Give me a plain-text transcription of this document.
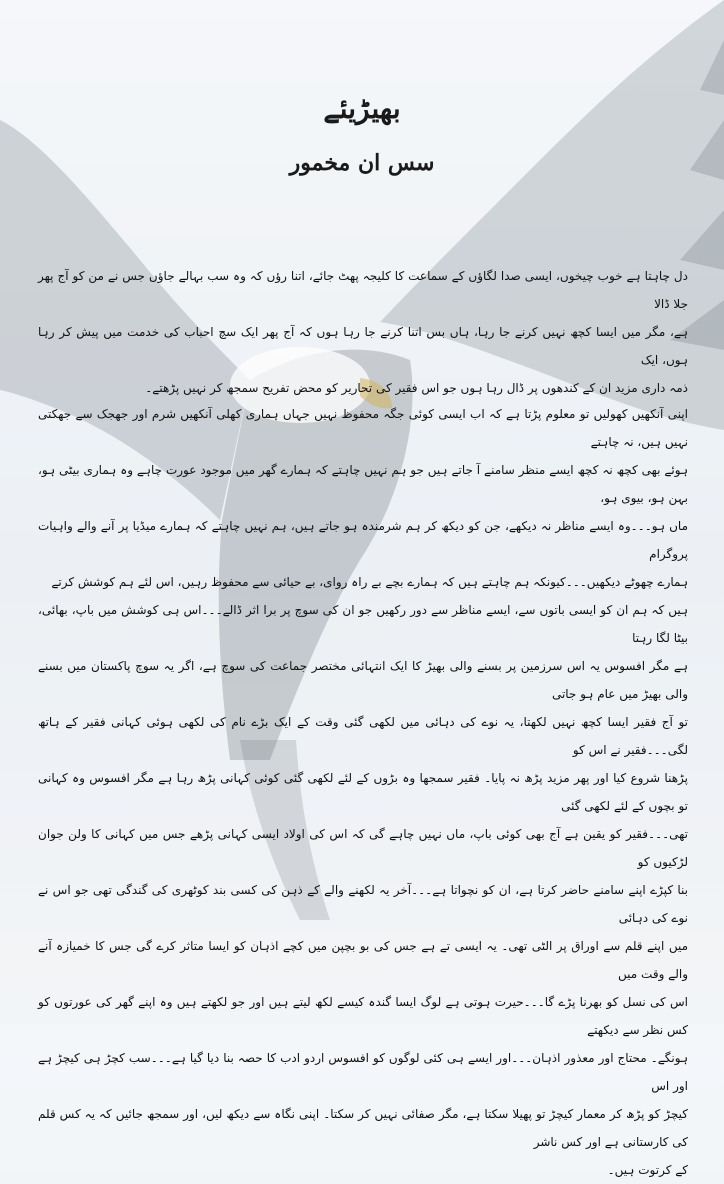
بھیڑیئے
سس ان مخمور
دل چاہتا ہے خوب چیخوں، ایسی صدا لگاؤں کے سماعت کا کلیجہ پھٹ جائے، اتنا رؤں کہ وہ سب بہالے جاؤں جس نے من کو آج پھر جلا ڈالا
ہے، مگر میں ایسا کچھ نہیں کرنے جا رہا، ہاں بس اتنا کرنے جا رہا ہوں کہ آج پھر ایک سچ احباب کی خدمت میں پیش کر رہا ہوں، ایک
ذمہ داری مزید ان کے کندھوں پر ڈال رہا ہوں جو اس فقیر کی تحاریر کو محض تفریح سمجھ کر نہیں پڑھتے۔
اپنی آنکھیں کھولیں تو معلوم پڑتا ہے کہ اب ایسی کوئی جگہ محفوظ نہیں جہاں ہماری کھلی آنکھیں شرم اور جھجک سے جھکتی نہیں ہیں، نہ چاہتے
ہوئے بھی کچھ نہ کچھ ایسے منظر سامنے آ جاتے ہیں جو ہم نہیں چاہتے کہ ہمارے گھر میں موجود عورت چاہے وہ ہماری بیٹی ہو، بہن ہو، بیوی ہو،
ماں ہو۔۔۔وہ ایسے مناظر نہ دیکھے، جن کو دیکھ کر ہم شرمندہ ہو جاتے ہیں، ہم نہیں چاہتے کہ ہمارے میڈیا پر آنے والے واہیات پروگرام
ہمارے چھوٹے دیکھیں۔۔۔کیونکہ ہم چاہتے ہیں کہ ہمارے بچے بے راہ روای، بے حیائی سے محفوظ رہیں، اس لئے ہم کوشش کرتے
ہیں کہ ہم ان کو ایسی باتوں سے، ایسے مناظر سے دور رکھیں جو ان کی سوچ پر برا اثر ڈالے۔۔۔اس ہی کوشش میں باپ، بھائی، بیٹا لگا رہتا
ہے مگر افسوس یہ اس سرزمین پر بسنے والی بھیڑ کا ایک انتہائی مختصر جماعت کی سوچ ہے، اگر یہ سوچ پاکستان میں بسنے والی بھیڑ میں عام ہو جاتی
تو آج فقیر ایسا کچھ نہیں لکھتا، یہ نوے کی دہائی میں لکھی گئی وقت کے ایک بڑے نام کی لکھی ہوئی کہانی فقیر کے ہاتھ لگی۔۔۔فقیر نے اس کو
پڑھنا شروع کیا اور پھر مزید پڑھ نہ پایا۔ فقیر سمجھا وہ بڑوں کے لئے لکھی گئی کوئی کہانی پڑھ رہا ہے مگر افسوس وہ کہانی تو بچوں کے لئے لکھی گئی
تھی۔۔۔فقیر کو یقین ہے آج بھی کوئی باپ، ماں نہیں چاہے گی کہ اس کی اولاد ایسی کہانی پڑھے جس میں کہانی کا ولن جوان لڑکیوں کو
بنا کپڑے اپنے سامنے حاضر کرتا ہے، ان کو نچواتا ہے۔۔۔آخر یہ لکھنے والے کے ذہن کی کسی بند کوٹھری کی گندگی تھی جو اس نے نوے کی دہائی
میں اپنے قلم سے اوراق پر الٹی تھی۔ یہ ایسی تے ہے جس کی بو بچپن میں کچے اذہان کو ایسا متاثر کرے گی جس کا خمیازہ آنے والے وقت میں
اس کی نسل کو بھرنا پڑے گا۔۔۔حیرت ہوتی ہے لوگ ایسا گندہ کیسے لکھ لیتے ہیں اور جو لکھتے ہیں وہ اپنے گھر کی عورتوں کو کس نظر سے دیکھتے
ہونگے۔ محتاج اور معذور اذہان۔۔۔اور ایسے ہی کئی لوگوں کو افسوس اردو ادب کا حصہ بنا دیا گیا ہے۔۔۔سب کچڑ ہی کیچڑ ہے اور اس
کیچڑ کو پڑھ کر معمار کیچڑ تو پھیلا سکتا ہے، مگر صفائی نہیں کر سکتا۔ اپنی نگاہ سے دیکھ لیں، اور سمجھ جائیں کہ یہ کس قلم کی کارستانی ہے اور کس ناشر
کے کرتوت ہیں۔
